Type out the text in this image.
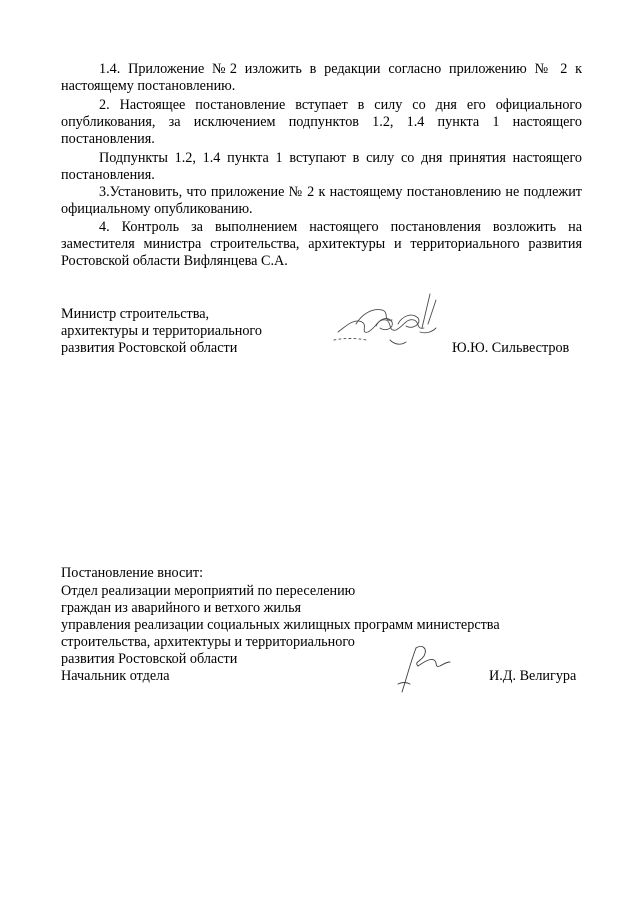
1.4. Приложение №2 изложить в редакции согласно приложению № 2 к настоящему постановлению.

2. Настоящее постановление вступает в силу со дня его официального опубликования, за исключением подпунктов 1.2, 1.4 пункта 1 настоящего постановления.

Подпункты 1.2, 1.4 пункта 1 вступают в силу со дня принятия настоящего постановления.

3.Установить, что приложение № 2 к настоящему постановлению не подлежит официальному опубликованию.

4. Контроль за выполнением настоящего постановления возложить на заместителя министра строительства, архитектуры и территориального развития Ростовской области Вифлянцева С.А.

Министр строительства,
архитектуры и территориального
развития Ростовской области	Ю.Ю. Сильвестров
Постановление вносит:
Отдел реализации мероприятий по переселению
граждан из аварийного и ветхого жилья
управления реализации социальных жилищных программ министерства
строительства, архитектуры и территориального
развития Ростовской области
Начальник отдела	И.Д. Велигура
